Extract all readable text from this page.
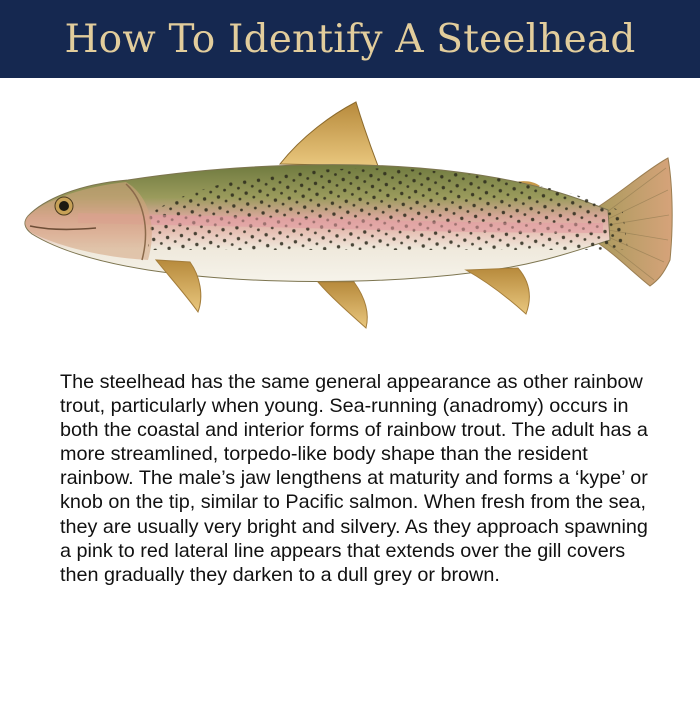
How To Identify A Steelhead

The steelhead has the same general appearance as other rainbow trout, particularly when young. Sea-running (anadromy) occurs in both the coastal and interior forms of rainbow trout. The adult has a more streamlined, torpedo-like body shape than the resident rainbow. The male’s jaw lengthens at maturity and forms a ‘kype’ or knob on the tip, similar to Pacific salmon. When fresh from the sea, they are usually very bright and silvery. As they approach spawning a pink to red lateral line appears that extends over the gill covers then gradually they darken to a dull grey or brown.
